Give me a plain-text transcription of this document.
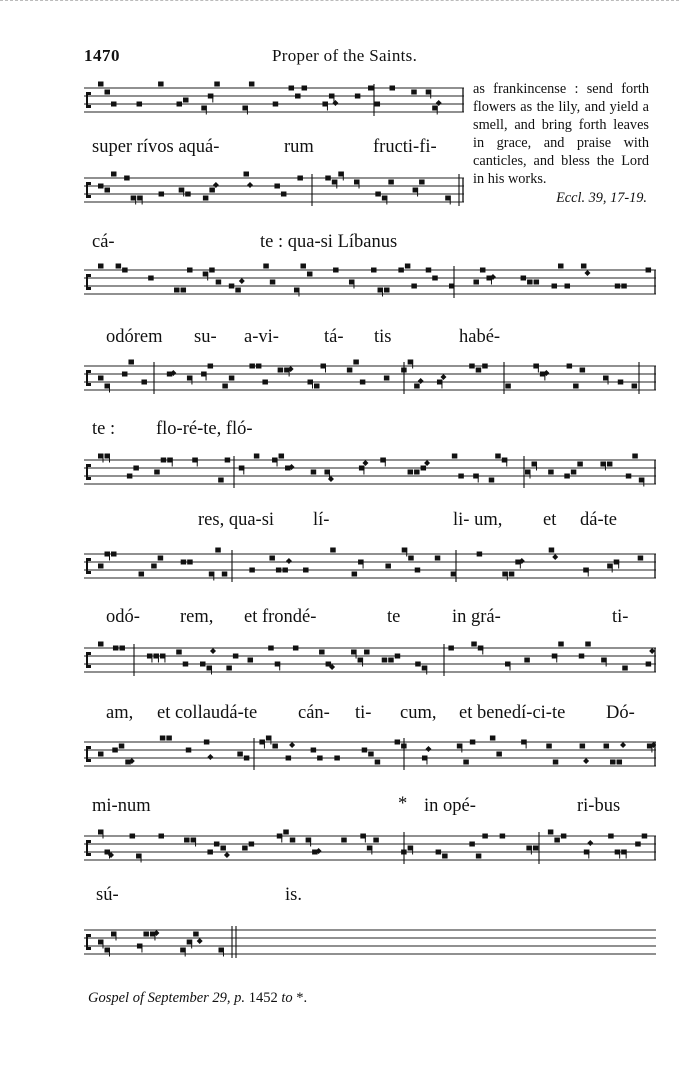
1470	Proper of the Saints.
as frankincense : send forth flowers as the lily, and yield a smell, and bring forth leaves in grace, and praise with canticles, and bless the Lord in his works.
Eccl. 39, 17-19.
super rívos aquá-	rum	fructi-fi-
cá-	te : qua-si Líbanus
odórem su- a-vi- tá- tis	habé-
te : flo-ré-te, fló-
res, qua-si lí-	li- um, et dá-te
odó- rem, et frondé-	te	in grá-	ti-
am, et collaudá-te cán- ti- cum, et benedí-ci-te Dó-
mi-num	* in opé-	ri-bus
sú-	is.
Gospel of September 29, p. 1452 to *.
